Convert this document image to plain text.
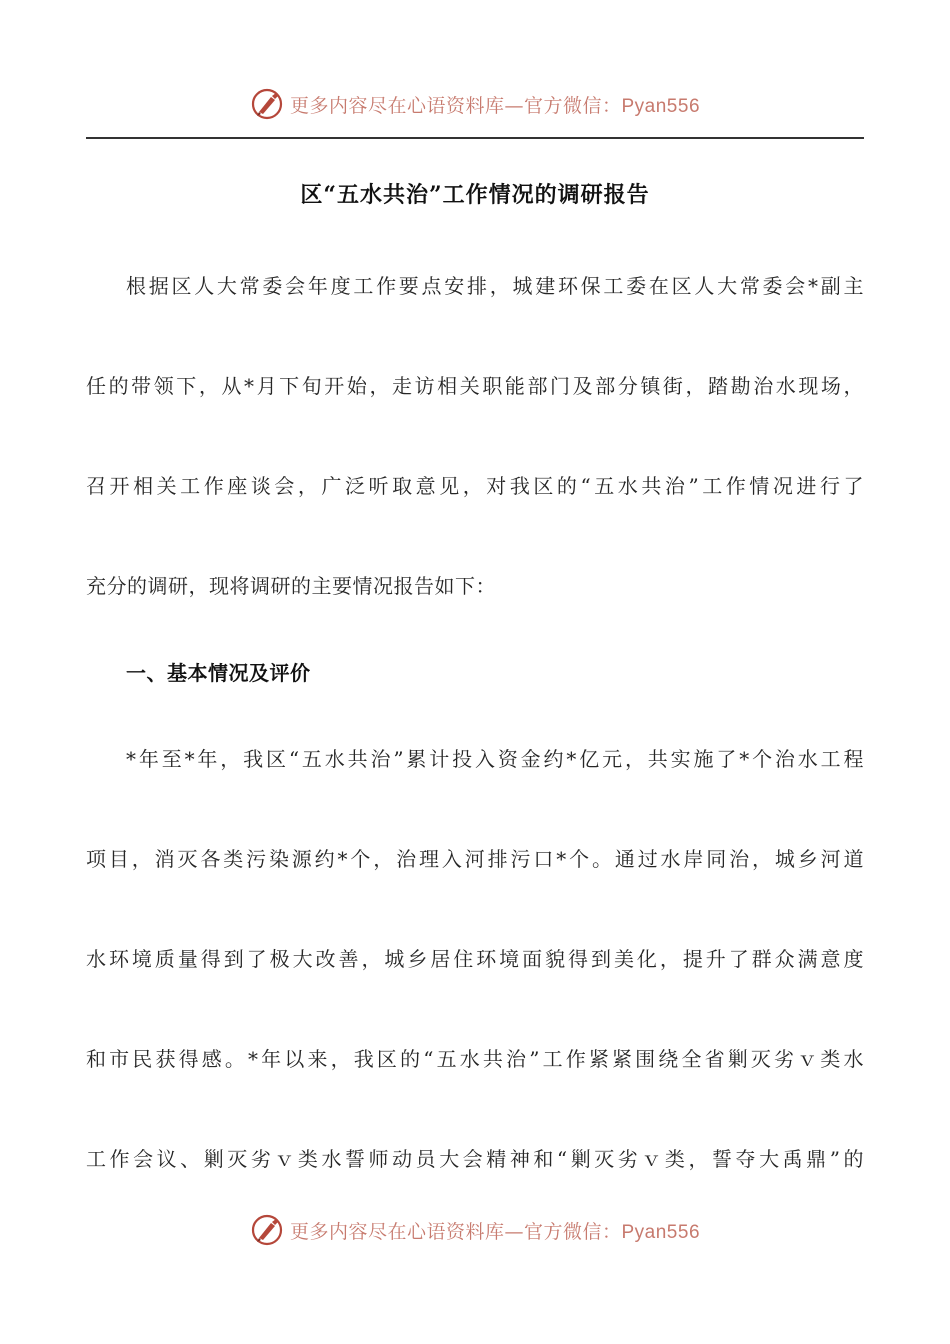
更多内容尽在心语资料库—官方微信：Pyan556
区“五水共治”工作情况的调研报告
根据区人大常委会年度工作要点安排，城建环保工委在区人大常委会*副主
任的带领下，从*月下旬开始，走访相关职能部门及部分镇街，踏勘治水现场，
召开相关工作座谈会，广泛听取意见，对我区的“五水共治”工作情况进行了
充分的调研，现将调研的主要情况报告如下：
一、基本情况及评价
*年至*年，我区“五水共治”累计投入资金约*亿元，共实施了*个治水工程
项目，消灭各类污染源约*个，治理入河排污口*个。通过水岸同治，城乡河道
水环境质量得到了极大改善，城乡居住环境面貌得到美化，提升了群众满意度
和市民获得感。*年以来，我区的“五水共治”工作紧紧围绕全省剿灭劣ｖ类水
工作会议、剿灭劣ｖ类水誓师动员大会精神和“剿灭劣ｖ类，誓夺大禹鼎”的
更多内容尽在心语资料库—官方微信：Pyan556
